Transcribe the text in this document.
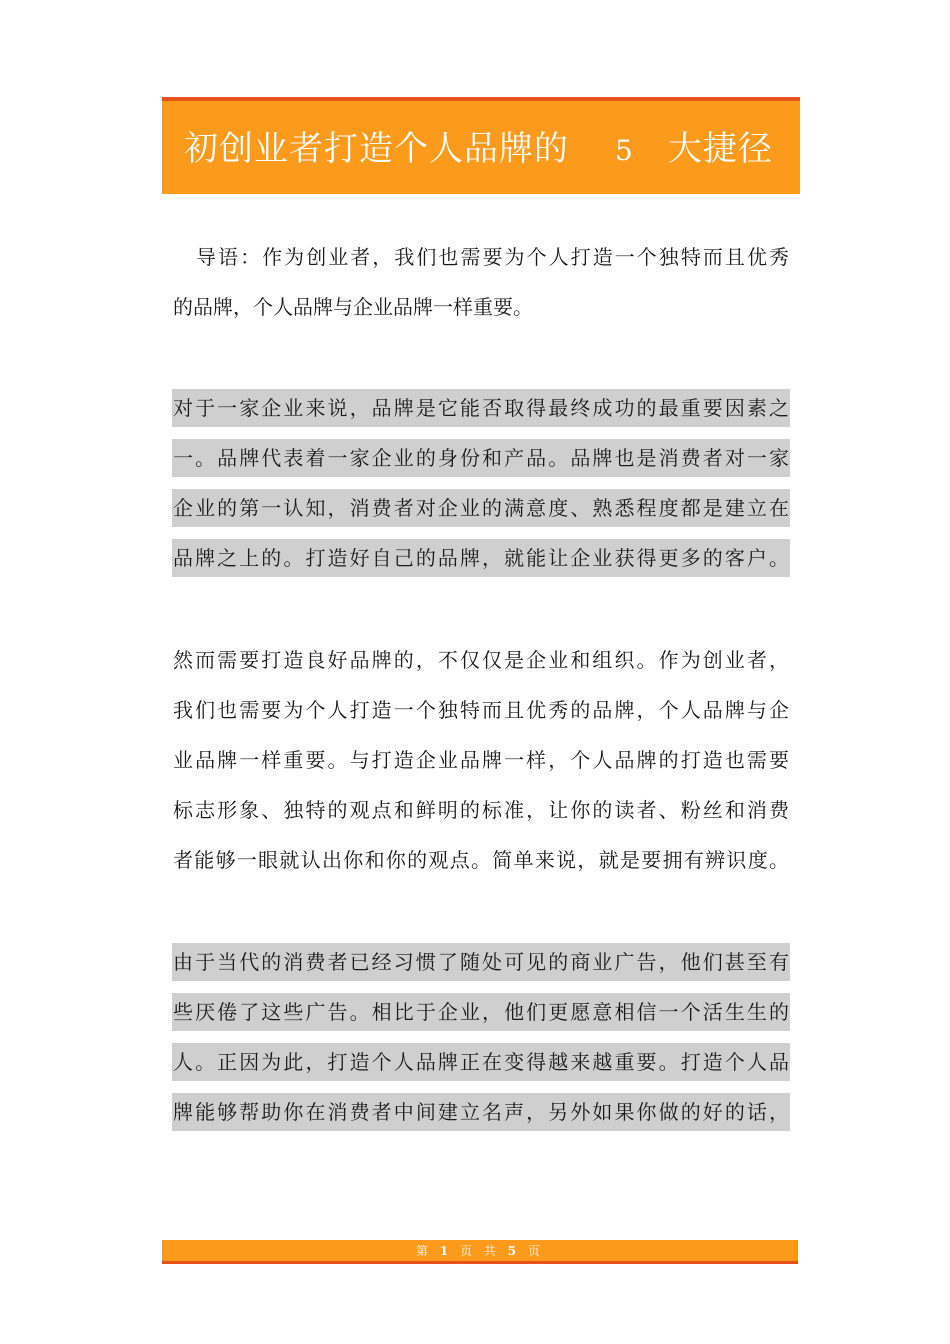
初创业者打造个人品牌的 5 大捷径
导语：作为创业者，我们也需要为个人打造一个独特而且优秀
的品牌，个人品牌与企业品牌一样重要。
对于一家企业来说，品牌是它能否取得最终成功的最重要因素之
一。品牌代表着一家企业的身份和产品。品牌也是消费者对一家
企业的第一认知，消费者对企业的满意度、熟悉程度都是建立在
品牌之上的。打造好自己的品牌，就能让企业获得更多的客户。
然而需要打造良好品牌的，不仅仅是企业和组织。作为创业者，
我们也需要为个人打造一个独特而且优秀的品牌，个人品牌与企
业品牌一样重要。与打造企业品牌一样，个人品牌的打造也需要
标志形象、独特的观点和鲜明的标准，让你的读者、粉丝和消费
者能够一眼就认出你和你的观点。简单来说，就是要拥有辨识度。
由于当代的消费者已经习惯了随处可见的商业广告，他们甚至有
些厌倦了这些广告。相比于企业，他们更愿意相信一个活生生的
人。正因为此，打造个人品牌正在变得越来越重要。打造个人品
牌能够帮助你在消费者中间建立名声，另外如果你做的好的话，
第 1 页 共 5 页
